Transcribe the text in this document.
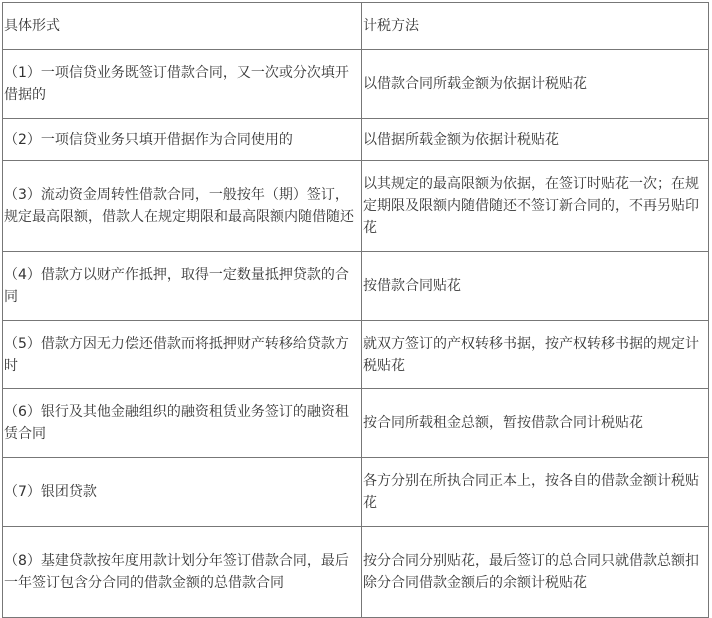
具体形式	计税方法
（1）一项信贷业务既签订借款合同，又一次或分次填开借据的	以借款合同所载金额为依据计税贴花
（2）一项信贷业务只填开借据作为合同使用的	以借据所载金额为依据计税贴花
（3）流动资金周转性借款合同，一般按年（期）签订，规定最高限额，借款人在规定期限和最高限额内随借随还	以其规定的最高限额为依据，在签订时贴花一次；在规定期限及限额内随借随还不签订新合同的，不再另贴印花
（4）借款方以财产作抵押，取得一定数量抵押贷款的合同	按借款合同贴花
（5）借款方因无力偿还借款而将抵押财产转移给贷款方时	就双方签订的产权转移书据，按产权转移书据的规定计税贴花
（6）银行及其他金融组织的融资租赁业务签订的融资租赁合同	按合同所载租金总额，暂按借款合同计税贴花
（7）银团贷款	各方分别在所执合同正本上，按各自的借款金额计税贴花
（8）基建贷款按年度用款计划分年签订借款合同，最后一年签订包含分合同的借款金额的总借款合同	按分合同分别贴花，最后签订的总合同只就借款总额扣除分合同借款金额后的余额计税贴花
